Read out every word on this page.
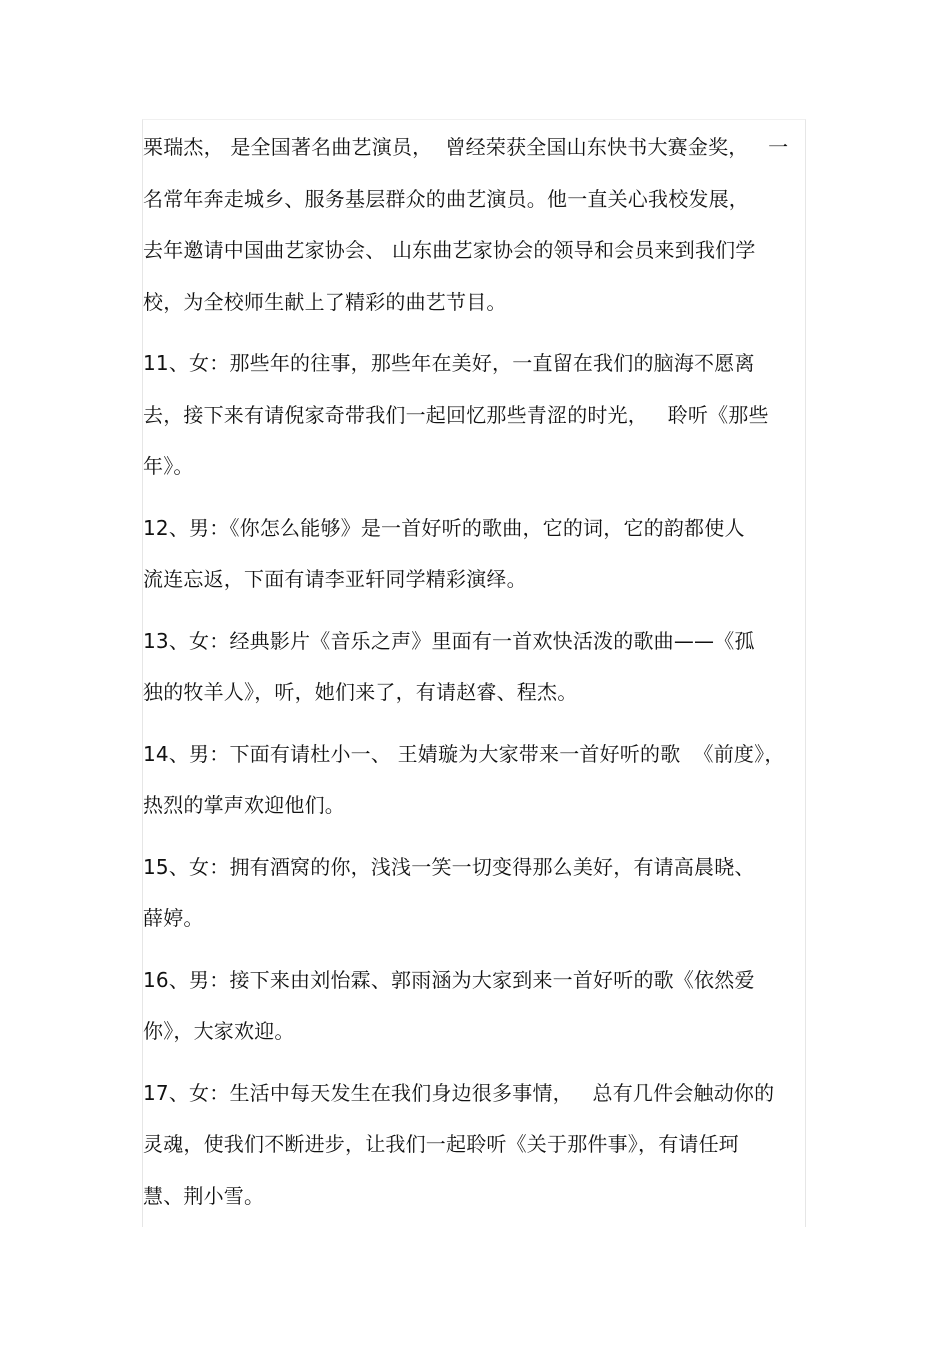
栗瑞杰， 是全国著名曲艺演员，  曾经荣获全国山东快书大赛金奖，   一
名常年奔走城乡、服务基层群众的曲艺演员。他一直关心我校发展，
去年邀请中国曲艺家协会、 山东曲艺家协会的领导和会员来到我们学
校，为全校师生献上了精彩的曲艺节目。
11、女：那些年的往事，那些年在美好，一直留在我们的脑海不愿离
去，接下来有请倪家奇带我们一起回忆那些青涩的时光，   聆听《那些
年》。
12、男：《你怎么能够》是一首好听的歌曲，它的词，它的韵都使人
流连忘返，下面有请李亚轩同学精彩演绎。
13、女：经典影片《音乐之声》里面有一首欢快活泼的歌曲——《孤
独的牧羊人》，听，她们来了，有请赵睿、程杰。
14、男：下面有请杜小一、 王婧璇为大家带来一首好听的歌  《前度》，
热烈的掌声欢迎他们。
15、女：拥有酒窝的你，浅浅一笑一切变得那么美好，有请高晨晓、
薛婷。
16、男：接下来由刘怡霖、郭雨涵为大家到来一首好听的歌《依然爱
你》，大家欢迎。
17、女：生活中每天发生在我们身边很多事情，   总有几件会触动你的
灵魂，使我们不断进步，让我们一起聆听《关于那件事》，有请任珂
慧、荆小雪。
